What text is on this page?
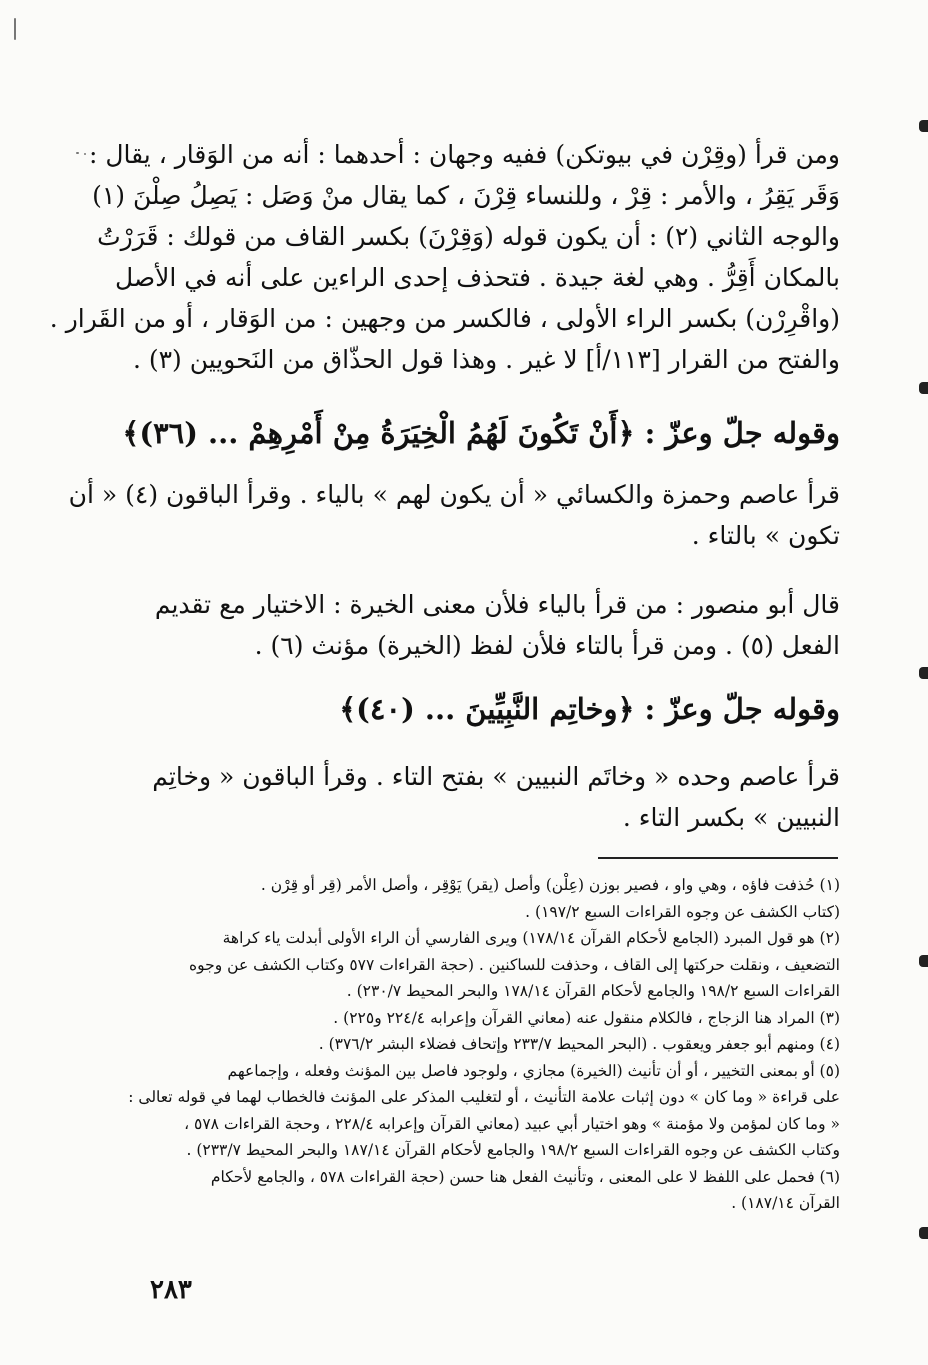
ومن قرأ (وقِرْن في بيوتكن) ففيه وجهان : أحدهما : أنه من الوَقار ، يقال :
وَقَر يَقِرُ ، والأمر : قِرْ ، وللنساء قِرْنَ ، كما يقال منْ وَصَل : يَصِلُ صِلْنَ (١)
والوجه الثاني (٢) : أن يكون قوله (وَقِرْنَ) بكسر القاف من قولك : قَرَرْتُ
بالمكان أَقِرُّ . وهي لغة جيدة . فتحذف إحدى الراءين على أنه في الأصل
(واقْرِرْن) بكسر الراء الأولى ، فالكسر من وجهين : من الوَقار ، أو من القَرار .
والفتح من القرار [١١٣/أ] لا غير . وهذا قول الحذّاق من النَحويين (٣) .
وقوله جلّ وعزّ : ﴿أَنْ تَكُونَ لَهُمُ الْخِيَرَةُ مِنْ أَمْرِهِمْ ... (٣٦)﴾
قرأ عاصم وحمزة والكسائي « أن يكون لهم » بالياء . وقرأ الباقون (٤) « أن
تكون » بالتاء .
قال أبو منصور : من قرأ بالياء فلأن معنى الخيرة : الاختيار مع تقديم
الفعل (٥) . ومن قرأ بالتاء فلأن لفظ (الخيرة) مؤنث (٦) .
وقوله جلّ وعزّ : ﴿وخاتِم النَّبِيِّينَ ... (٤٠)﴾
قرأ عاصم وحده « وخاتَم النبيين » بفتح التاء . وقرأ الباقون « وخاتِم
النبيين » بكسر التاء .
(١) حُذفت فاؤه ، وهي واو ، فصير بوزن (عِلْن) وأصل (يقر) يَوْقِر ، وأصل الأمر (قِر أو قِرْن .
(كتاب الكشف عن وجوه القراءات السبع ١٩٧/٢) .
(٢) هو قول المبرد (الجامع لأحكام القرآن ١٧٨/١٤) ويرى الفارسي أن الراء الأولى أبدلت ياء كراهة
التضعيف ، ونقلت حركتها إلى القاف ، وحذفت للساكنين . (حجة القراءات ٥٧٧ وكتاب الكشف عن وجوه
القراءات السبع ١٩٨/٢ والجامع لأحكام القرآن ١٧٨/١٤ والبحر المحيط ٢٣٠/٧) .
(٣) المراد هنا الزجاج ، فالكلام منقول عنه (معاني القرآن وإعرابه ٢٢٤/٤ و٢٢٥) .
(٤) ومنهم أبو جعفر ويعقوب . (البحر المحيط ٢٣٣/٧ وإتحاف فضلاء البشر ٣٧٦/٢) .
(٥) أو بمعنى التخيير ، أو أن تأنيث (الخيرة) مجازي ، ولوجود فاصل بين المؤنث وفعله ، وإجماعهم
على قراءة « وما كان » دون إثبات علامة التأنيث ، أو لتغليب المذكر على المؤنث فالخطاب لهما في قوله تعالى :
« وما كان لمؤمن ولا مؤمنة » وهو اختيار أبي عبيد (معاني القرآن وإعرابه ٢٢٨/٤ ، وحجة القراءات ٥٧٨ ،
وكتاب الكشف عن وجوه القراءات السبع ١٩٨/٢ والجامع لأحكام القرآن ١٨٧/١٤ والبحر المحيط ٢٣٣/٧) .
(٦) فحمل على اللفظ لا على المعنى ، وتأنيث الفعل هنا حسن (حجة القراءات ٥٧٨ ، والجامع لأحكام
القرآن ١٨٧/١٤) .
٢٨٣
